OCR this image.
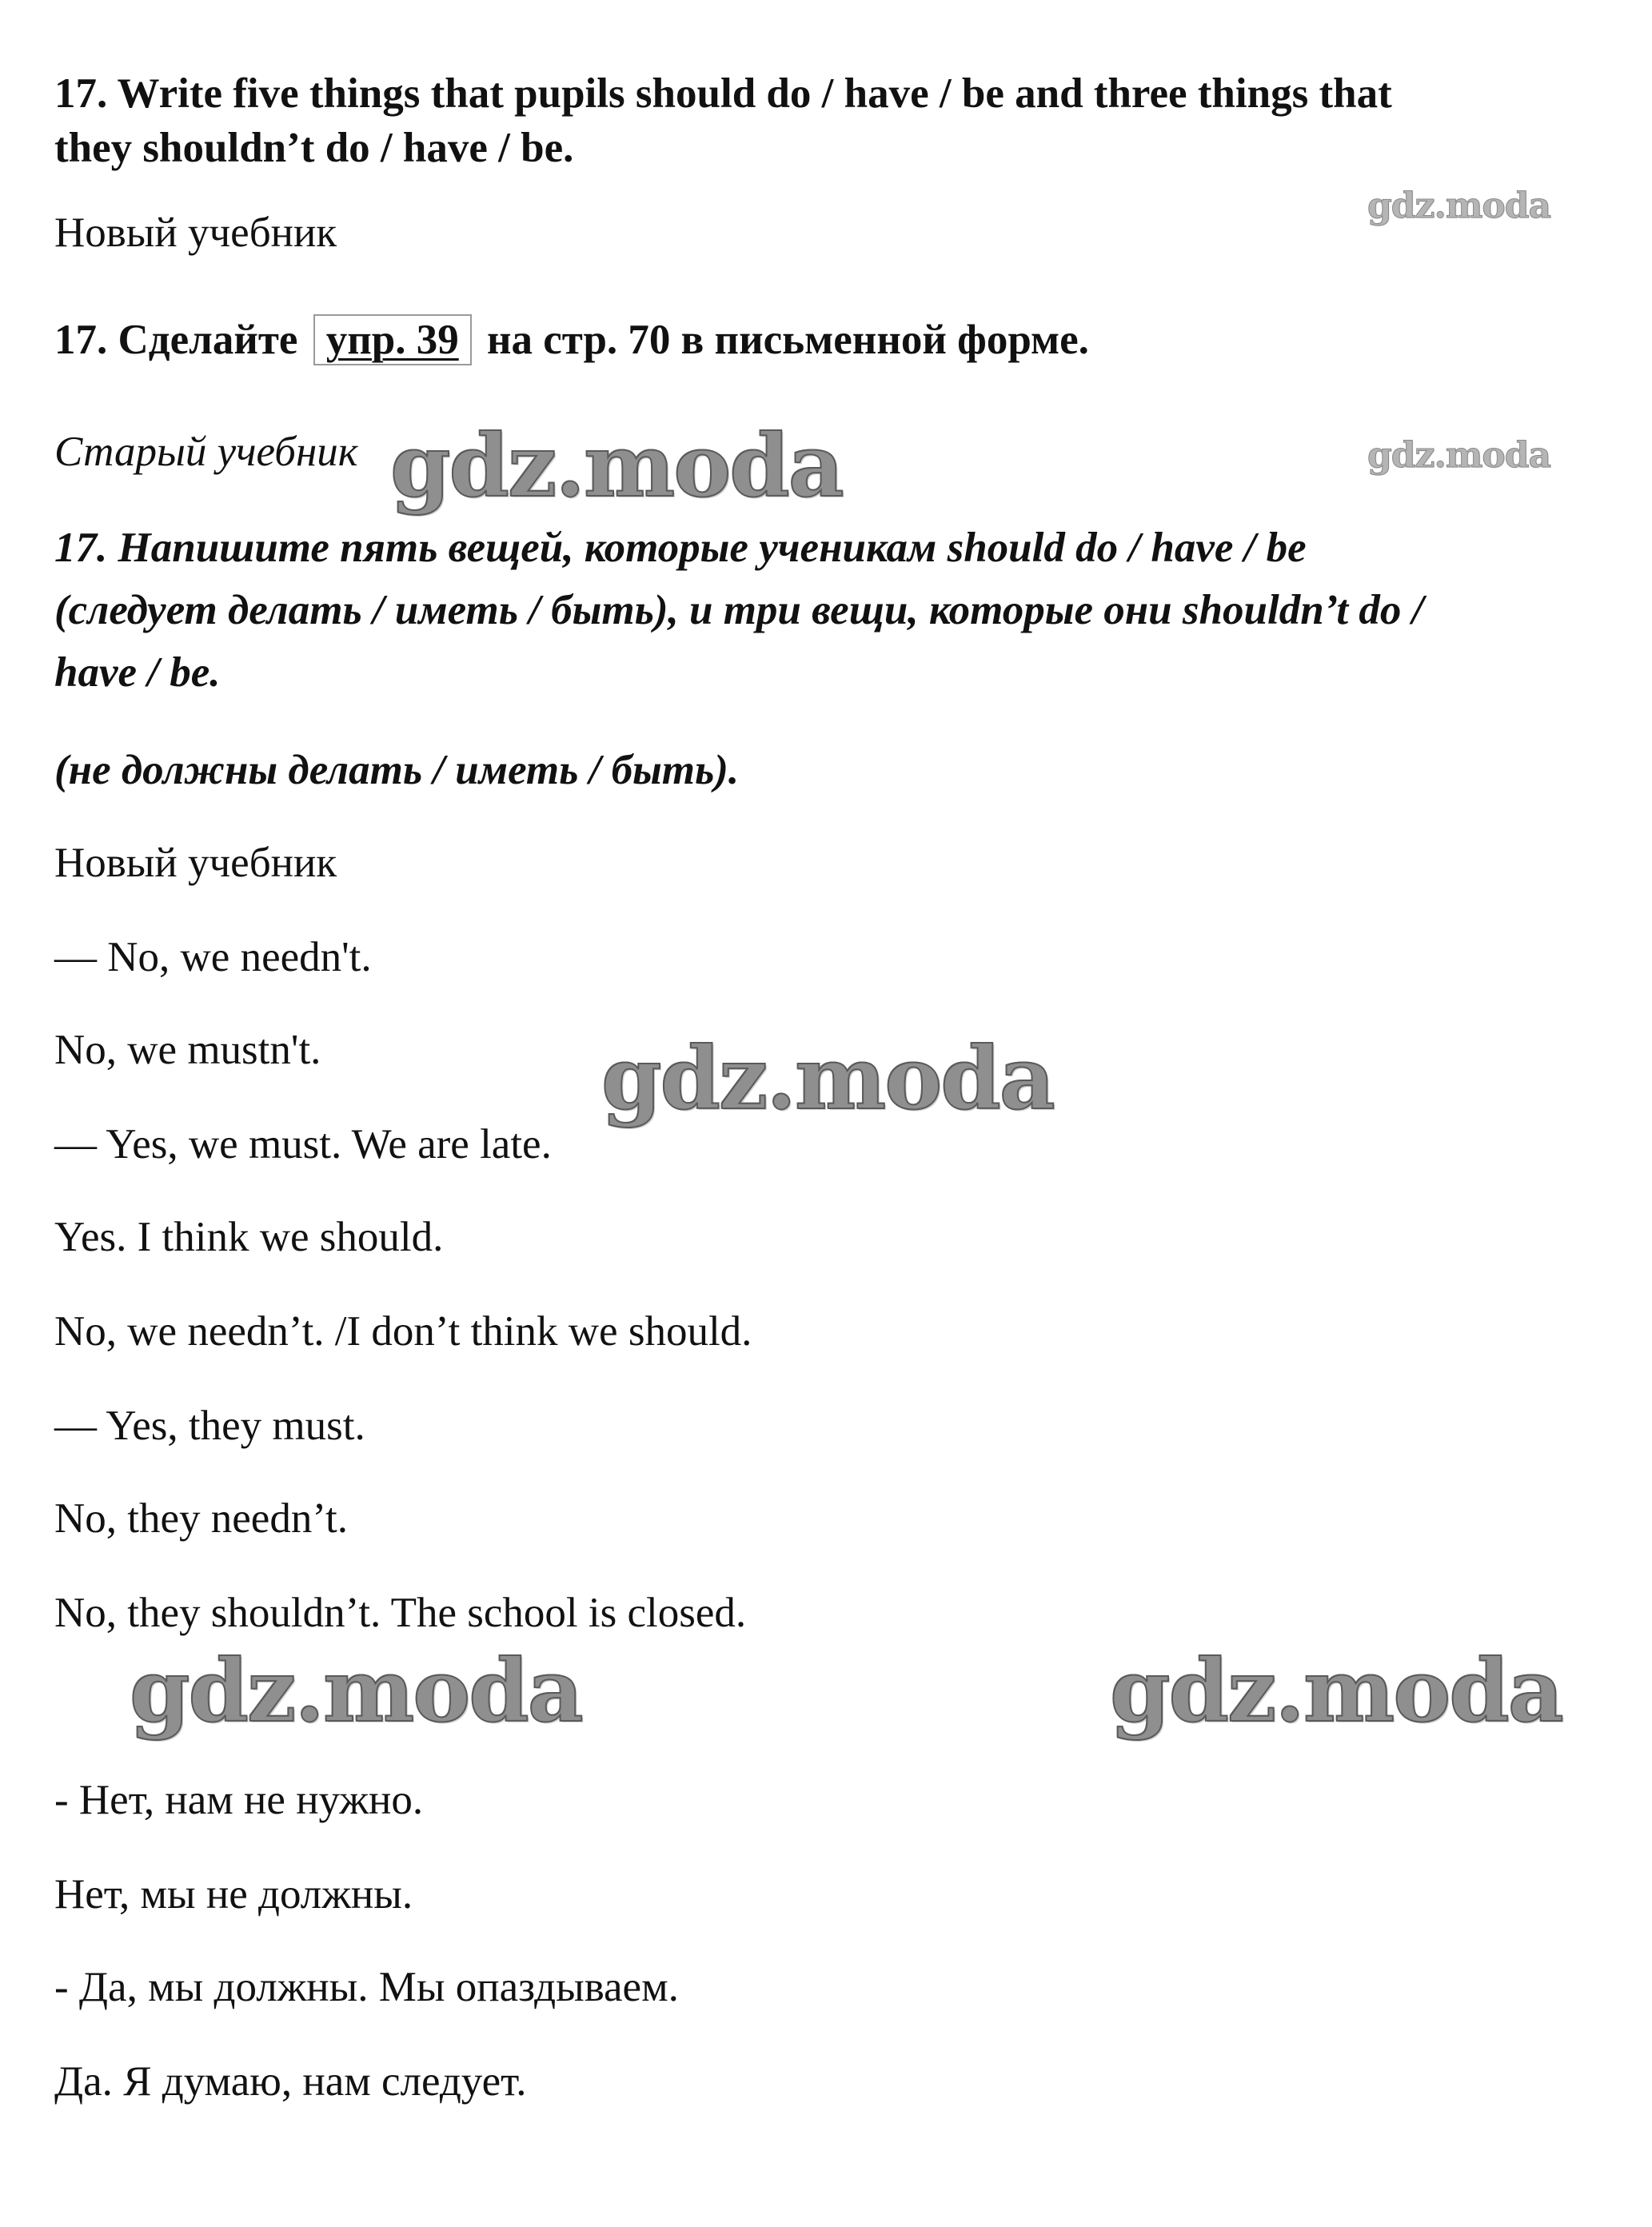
17. Write five things that pupils should do / have / be and three things that

they shouldn’t do / have / be.

Новый учебник

17. Сделайте упр. 39 на стр. 70 в письменной форме.

Старый учебник

17. Напишите пять вещей, которые ученикам should do / have / be

(следует делать / иметь / быть), и три вещи, которые они shouldn’t do /

have / be.

(не должны делать / иметь / быть).

Новый учебник

— No, we needn't.

No, we mustn't.

— Yes, we must. We are late.

Yes. I think we should.

No, we needn’t. /I don’t think we should.

— Yes, they must.

No, they needn’t.

No, they shouldn’t. The school is closed.

- Нет, нам не нужно.

Нет, мы не должны.

- Да, мы должны. Мы опаздываем.

Да. Я думаю, нам следует.

gdz.moda
gdz.moda
gdz.moda
gdz.moda
gdz.moda	gdz.moda
